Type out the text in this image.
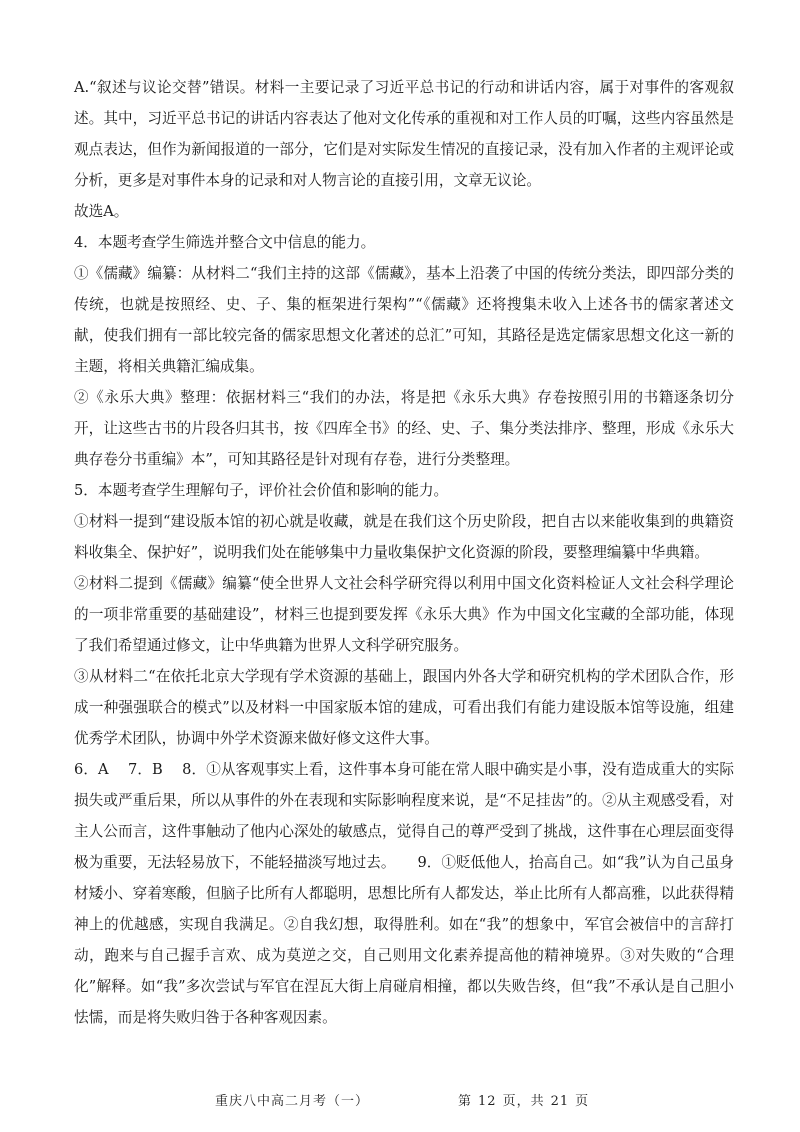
A.“叙述与议论交替”错误。材料一主要记录了习近平总书记的行动和讲话内容，属于对事件的客观叙述。其中，习近平总书记的讲话内容表达了他对文化传承的重视和对工作人员的叮嘱，这些内容虽然是观点表达，但作为新闻报道的一部分，它们是对实际发生情况的直接记录，没有加入作者的主观评论或分析，更多是对事件本身的记录和对人物言论的直接引用，文章无议论。

故选A。

4．本题考查学生筛选并整合文中信息的能力。

①《儒藏》编纂：从材料二“我们主持的这部《儒藏》，基本上沿袭了中国的传统分类法，即四部分类的传统，也就是按照经、史、子、集的框架进行架构”“《儒藏》还将搜集未收入上述各书的儒家著述文献，使我们拥有一部比较完备的儒家思想文化著述的总汇”可知，其路径是选定儒家思想文化这一新的主题，将相关典籍汇编成集。

②《永乐大典》整理：依据材料三“我们的办法，将是把《永乐大典》存卷按照引用的书籍逐条切分开，让这些古书的片段各归其书，按《四库全书》的经、史、子、集分类法排序、整理，形成《永乐大典存卷分书重编》本”，可知其路径是针对现有存卷，进行分类整理。

5．本题考查学生理解句子，评价社会价值和影响的能力。

①材料一提到“建设版本馆的初心就是收藏，就是在我们这个历史阶段，把自古以来能收集到的典籍资料收集全、保护好”，说明我们处在能够集中力量收集保护文化资源的阶段，要整理编纂中华典籍。

②材料二提到《儒藏》编纂“使全世界人文社会科学研究得以利用中国文化资料检证人文社会科学理论的一项非常重要的基础建设”，材料三也提到要发挥《永乐大典》作为中国文化宝藏的全部功能，体现了我们希望通过修文，让中华典籍为世界人文科学研究服务。

③从材料二“在依托北京大学现有学术资源的基础上，跟国内外各大学和研究机构的学术团队合作，形成一种强强联合的模式”以及材料一中国家版本馆的建成，可看出我们有能力建设版本馆等设施，组建优秀学术团队，协调中外学术资源来做好修文这件大事。

6．A　 7．B　 8．①从客观事实上看，这件事本身可能在常人眼中确实是小事，没有造成重大的实际损失或严重后果，所以从事件的外在表现和实际影响程度来说，是“不足挂齿”的。②从主观感受看，对主人公而言，这件事触动了他内心深处的敏感点，觉得自己的尊严受到了挑战，这件事在心理层面变得极为重要，无法轻易放下，不能轻描淡写地过去。　　9．①贬低他人，抬高自己。如“我”认为自己虽身材矮小、穿着寒酸，但脑子比所有人都聪明，思想比所有人都发达，举止比所有人都高雅，以此获得精神上的优越感，实现自我满足。②自我幻想，取得胜利。如在“我”的想象中，军官会被信中的言辞打动，跑来与自己握手言欢、成为莫逆之交，自己则用文化素养提高他的精神境界。③对失败的“合理化”解释。如“我”多次尝试与军官在涅瓦大街上肩碰肩相撞，都以失败告终，但“我”不承认是自己胆小怯懦，而是将失败归咎于各种客观因素。

重庆八中高二月考（一）	第 12 页，共 21 页
